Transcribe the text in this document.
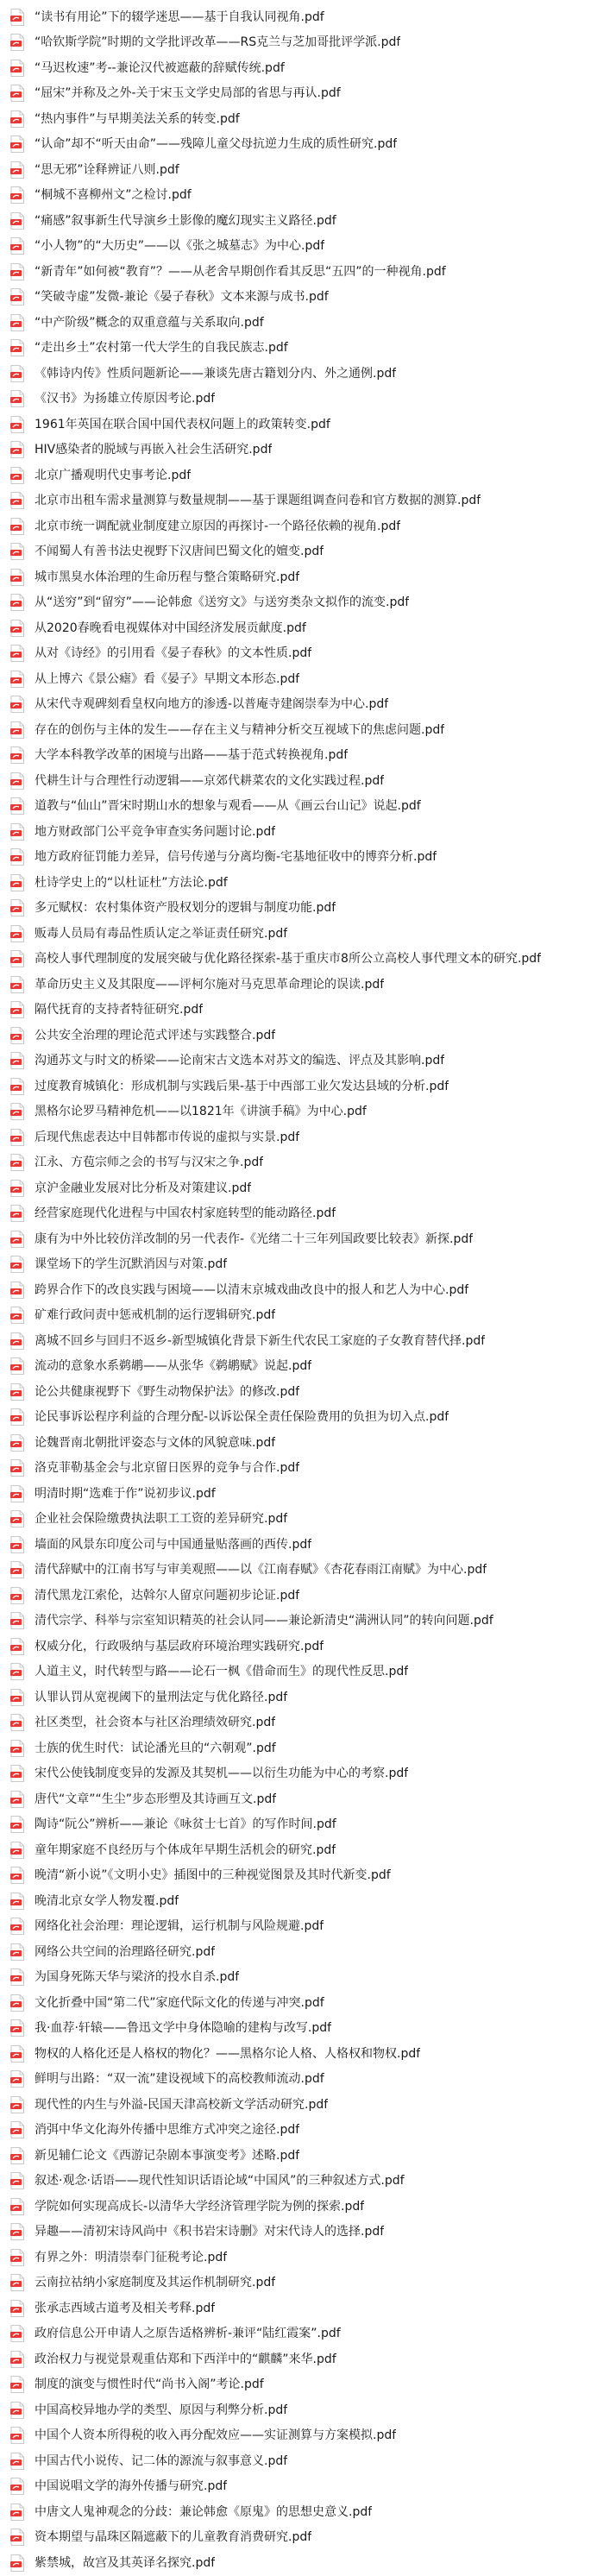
“读书有用论”下的辍学迷思——基于自我认同视角.pdf
“哈钦斯学院”时期的文学批评改革——RS克兰与芝加哥批评学派.pdf
“马迟枚速”考--兼论汉代被遮蔽的辞赋传统.pdf
“屈宋”并称及之外-关于宋玉文学史局部的省思与再认.pdf
“热内事件”与早期美法关系的转变.pdf
“认命”却不“听天由命”——残障儿童父母抗逆力生成的质性研究.pdf
“思无邪”诠释辨证八则.pdf
“桐城不喜柳州文”之检讨.pdf
“痛感”叙事新生代导演乡土影像的魔幻现实主义路径.pdf
“小人物”的“大历史”——以《张之城墓志》为中心.pdf
“新青年”如何被“教育”？——从老舍早期创作看其反思“五四”的一种视角.pdf
“笑破寺虚”发微-兼论《晏子春秋》文本来源与成书.pdf
“中产阶级”概念的双重意蕴与关系取向.pdf
“走出乡土”农村第一代大学生的自我民族志.pdf
《韩诗内传》性质问题新论——兼谈先唐古籍划分内、外之通例.pdf
《汉书》为扬雄立传原因考论.pdf
1961年英国在联合国中国代表权问题上的政策转变.pdf
HIV感染者的脱域与再嵌入社会生活研究.pdf
北京广播观明代史事考论.pdf
北京市出租车需求量测算与数量规制——基于课题组调查问卷和官方数据的测算.pdf
北京市统一调配就业制度建立原因的再探讨-一个路径依赖的视角.pdf
不闻蜀人有善书法史视野下汉唐间巴蜀文化的嬗变.pdf
城市黑臭水体治理的生命历程与整合策略研究.pdf
从“送穷”到“留穷”——论韩愈《送穷文》与送穷类杂文拟作的流变.pdf
从2020春晚看电视媒体对中国经济发展贡献度.pdf
从对《诗经》的引用看《晏子春秋》的文本性质.pdf
从上博六《景公瘧》看《晏子》早期文本形态.pdf
从宋代寺观碑刻看皇权向地方的渗透-以普庵寺建阁崇奉为中心.pdf
存在的创伤与主体的发生——存在主义与精神分析交互视域下的焦虑问题.pdf
大学本科教学改革的困境与出路——基于范式转换视角.pdf
代耕生计与合理性行动逻辑——京郊代耕菜农的文化实践过程.pdf
道教与“仙山”晋宋时期山水的想象与观看——从《画云台山记》说起.pdf
地方财政部门公平竞争审查实务问题讨论.pdf
地方政府征罚能力差异，信号传递与分离均衡-宅基地征收中的博弈分析.pdf
杜诗学史上的“以杜证杜”方法论.pdf
多元赋权：农村集体资产股权划分的逻辑与制度功能.pdf
贩毒人员局有毒品性质认定之举证责任研究.pdf
高校人事代理制度的发展突破与优化路径探索-基于重庆市8所公立高校人事代理文本的研究.pdf
革命历史主义及其限度——评柯尔施对马克思革命理论的误读.pdf
隔代抚育的支持者特征研究.pdf
公共安全治理的理论范式评述与实践整合.pdf
沟通苏文与时文的桥梁——论南宋古文选本对苏文的编选、评点及其影响.pdf
过度教育城镇化：形成机制与实践后果-基于中西部工业欠发达县域的分析.pdf
黑格尔论罗马精神危机——以1821年《讲演手稿》为中心.pdf
后现代焦虑表达中目韩都市传说的虚拟与实景.pdf
江永、方苞宗师之会的书写与汉宋之争.pdf
京沪金融业发展对比分析及对策建议.pdf
经营家庭现代化进程与中国农村家庭转型的能动路径.pdf
康有为中外比较仿洋改制的另一代表作-《光绪二十三年列国政要比较表》新探.pdf
课堂场下的学生沉默消因与对策.pdf
跨界合作下的改良实践与困境——以清末京城戏曲改良中的报人和艺人为中心.pdf
矿难行政问责中惩戒机制的运行逻辑研究.pdf
离城不回乡与回归不返乡-新型城镇化背景下新生代农民工家庭的子女教育替代择.pdf
流动的意象水系鹈鹕——从张华《鹈鹕赋》说起.pdf
论公共健康视野下《野生动物保护法》的修改.pdf
论民事诉讼程序利益的合理分配-以诉讼保全责任保险费用的负担为切入点.pdf
论魏晋南北朝批评姿态与文体的风貌意味.pdf
洛克菲勒基金会与北京留日医界的竞争与合作.pdf
明清时期“选难于作”说初步议.pdf
企业社会保险缴费执法职工工资的差异研究.pdf
墙面的风景东印度公司与中国通量贴落画的西传.pdf
清代辞赋中的江南书写与审美观照——以《江南春赋》《杏花春雨江南赋》为中心.pdf
清代黑龙江索伦，达斡尔人留京问题初步论证.pdf
清代宗学、科举与宗室知识精英的社会认同——兼论新清史“满洲认同”的转向问题.pdf
权威分化，行政吸纳与基层政府环境治理实践研究.pdf
人道主义，时代转型与路——论石一枫《借命而生》的现代性反思.pdf
认罪认罚从宽视阈下的量刑法定与优化路径.pdf
社区类型，社会资本与社区治理绩效研究.pdf
士族的优生时代：试论潘光旦的“六朝观”.pdf
宋代公使钱制度变异的发源及其契机——以衍生功能为中心的考察.pdf
唐代“文章”“生尘”步态形塑及其诗画互文.pdf
陶诗“阮公”辨析——兼论《咏贫士七首》的写作时间.pdf
童年期家庭不良经历与个体成年早期生活机会的研究.pdf
晚清“新小说”《文明小史》插图中的三种视觉图景及其时代新变.pdf
晚清北京女学人物发覆.pdf
网络化社会治理：理论逻辑，运行机制与风险规避.pdf
网络公共空间的治理路径研究.pdf
为国身死陈天华与梁济的投水自杀.pdf
文化折叠中国“第二代”家庭代际文化的传递与冲突.pdf
我·血荐·轩辕——鲁迅文学中身体隐喻的建构与改写.pdf
物权的人格化还是人格权的物化？——黑格尔论人格、人格权和物权.pdf
鲜明与出路：“双一流”建设视域下的高校教师流动.pdf
现代性的内生与外溢-民国天津高校新文学活动研究.pdf
消弭中华文化海外传播中思维方式冲突之途径.pdf
新见辅仁论文《西游记杂剧本事演变考》述略.pdf
叙述·观念·话语——现代性知识话语论域“中国风”的三种叙述方式.pdf
学院如何实现高成长-以清华大学经济管理学院为例的探索.pdf
异趣——清初宋诗风尚中《积书岩宋诗删》对宋代诗人的选择.pdf
有界之外：明清崇奉门征税考论.pdf
云南拉祜纳小家庭制度及其运作机制研究.pdf
张承志西域古道考及相关考释.pdf
政府信息公开申请人之原告适格辨析-兼评“陆红霞案”.pdf
政治权力与视觉景观重估郑和下西洋中的“麒麟”来华.pdf
制度的演变与惯性时代“尚书入阁”考论.pdf
中国高校异地办学的类型、原因与利弊分析.pdf
中国个人资本所得税的收入再分配效应——实证测算与方案模拟.pdf
中国古代小说传、记二体的源流与叙事意义.pdf
中国说唱文学的海外传播与研究.pdf
中唐文人鬼神观念的分歧：兼论韩愈《原鬼》的思想史意义.pdf
资本期望与晶珠区隔遮蔽下的儿童教育消费研究.pdf
紫禁城，故宫及其英译名探究.pdf
